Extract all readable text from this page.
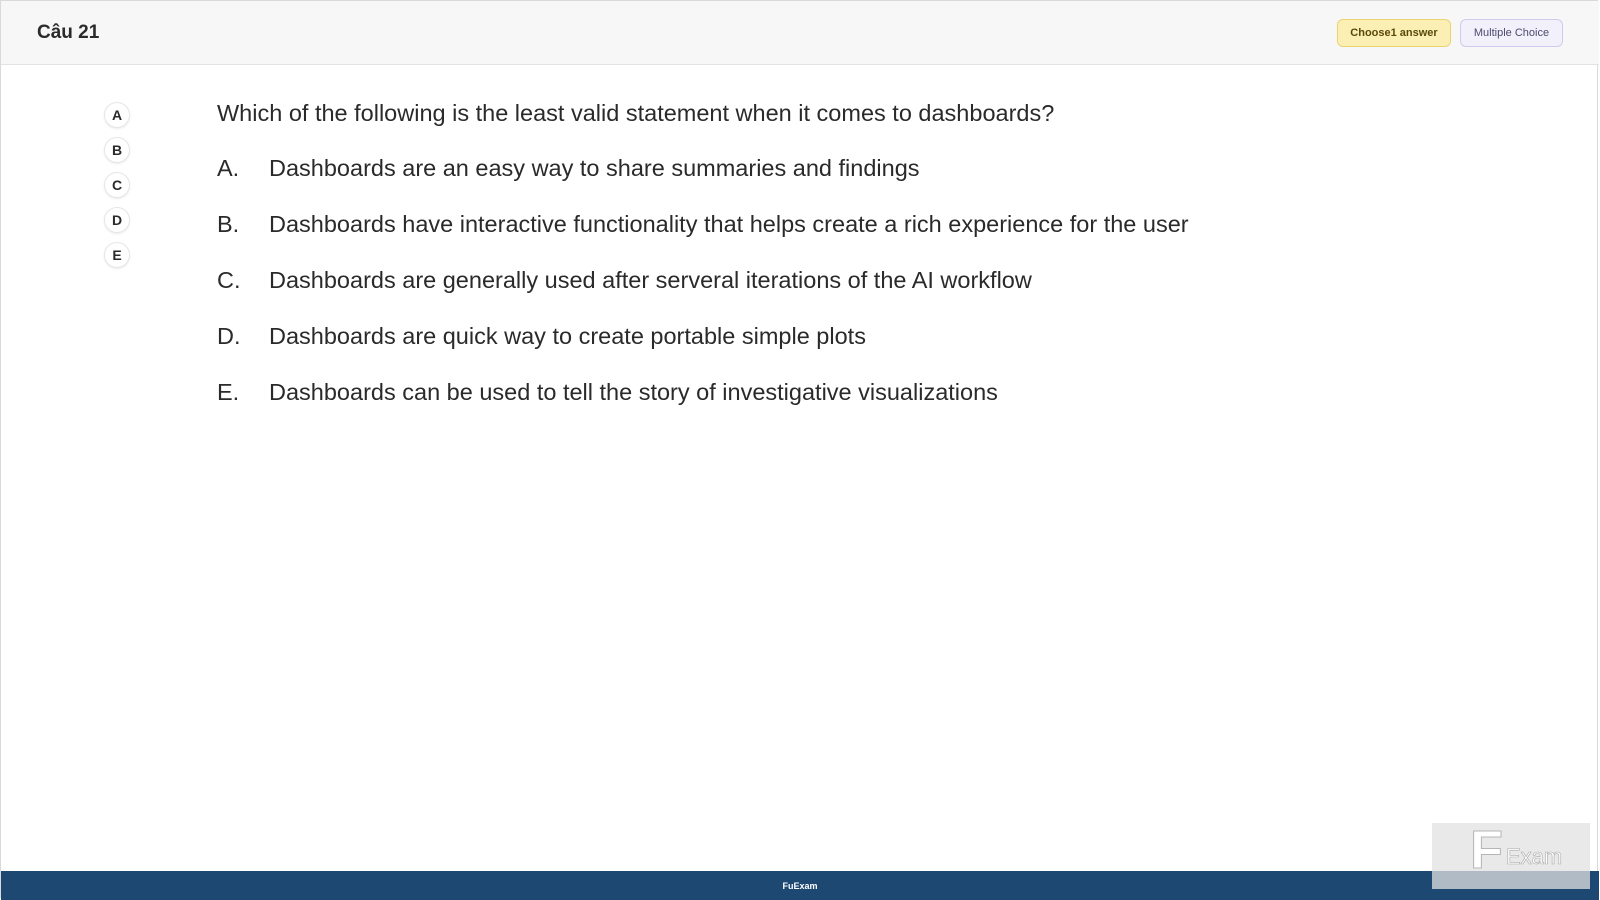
Câu 21	Choose1 answer	Multiple Choice
A
B
C
D
E
Which of the following is the least valid statement when it comes to dashboards?
A.	Dashboards are an easy way to share summaries and findings
B.	Dashboards have interactive functionality that helps create a rich experience for the user
C.	Dashboards are generally used after serveral iterations of the AI workflow
D.	Dashboards are quick way to create portable simple plots
E.	Dashboards can be used to tell the story of investigative visualizations
FuExam
F Exam
